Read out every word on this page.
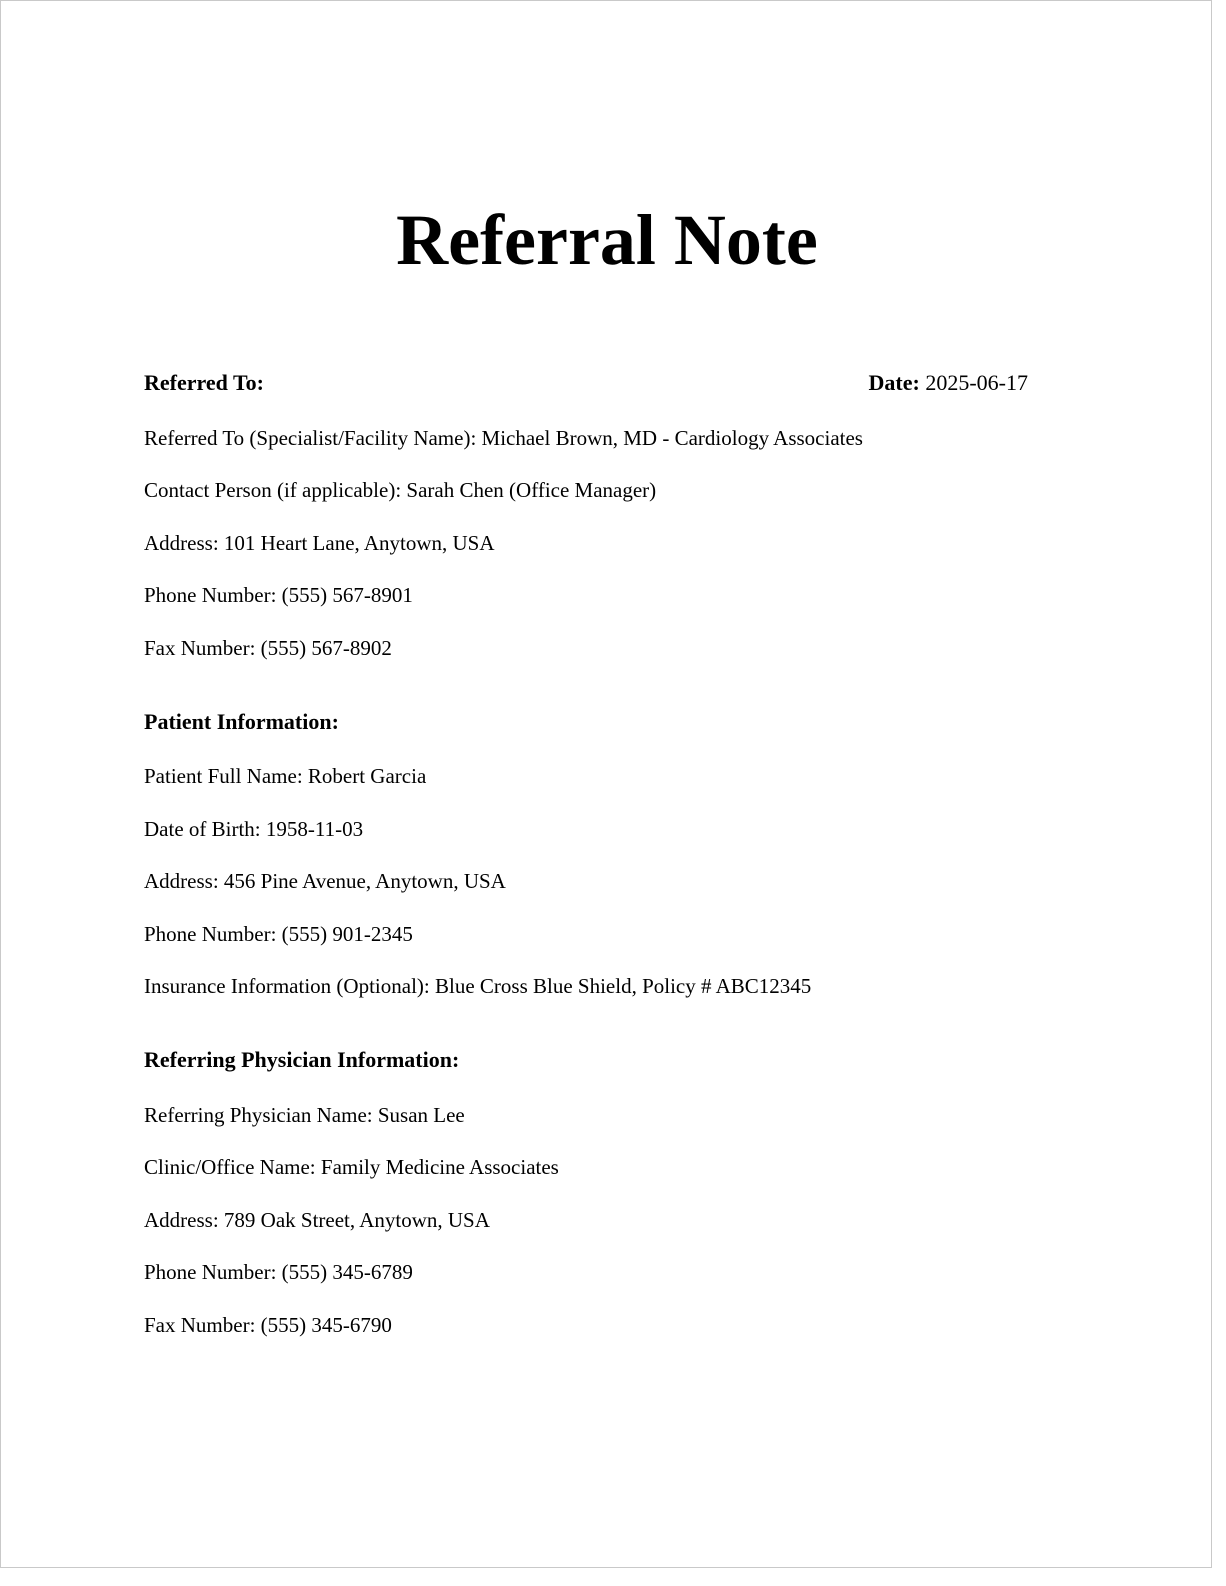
Referral Note
Referred To:	Date: 2025-06-17
Referred To (Specialist/Facility Name): Michael Brown, MD - Cardiology Associates
Contact Person (if applicable): Sarah Chen (Office Manager)
Address: 101 Heart Lane, Anytown, USA
Phone Number: (555) 567-8901
Fax Number: (555) 567-8902
Patient Information:
Patient Full Name: Robert Garcia
Date of Birth: 1958-11-03
Address: 456 Pine Avenue, Anytown, USA
Phone Number: (555) 901-2345
Insurance Information (Optional): Blue Cross Blue Shield, Policy # ABC12345
Referring Physician Information:
Referring Physician Name: Susan Lee
Clinic/Office Name: Family Medicine Associates
Address: 789 Oak Street, Anytown, USA
Phone Number: (555) 345-6789
Fax Number: (555) 345-6790
